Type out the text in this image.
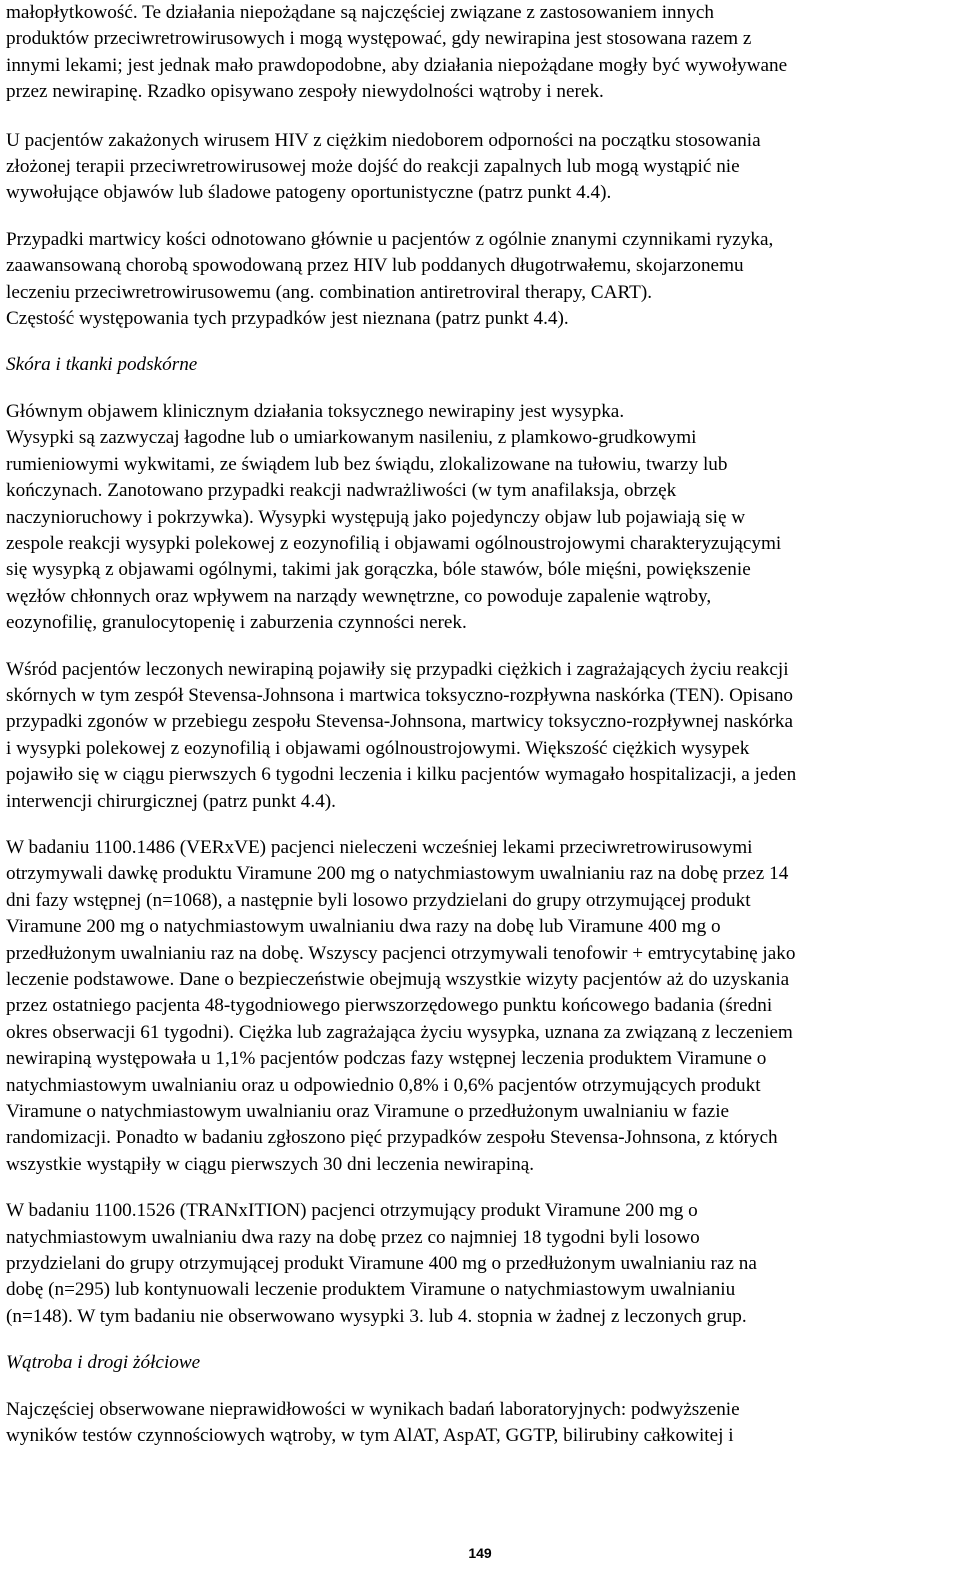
małopłytkowość. Te działania niepożądane są najczęściej związane z zastosowaniem innych
produktów przeciwretrowirusowych i mogą występować, gdy newirapina jest stosowana razem z
innymi lekami; jest jednak mało prawdopodobne, aby działania niepożądane mogły być wywoływane
przez newirapinę. Rzadko opisywano zespoły niewydolności wątroby i nerek.
U pacjentów zakażonych wirusem HIV z ciężkim niedoborem odporności na początku stosowania
złożonej terapii przeciwretrowirusowej może dojść do reakcji zapalnych lub mogą wystąpić nie
wywołujące objawów lub śladowe patogeny oportunistyczne (patrz punkt 4.4).
Przypadki martwicy kości odnotowano głównie u pacjentów z ogólnie znanymi czynnikami ryzyka,
zaawansowaną chorobą spowodowaną przez HIV lub poddanych długotrwałemu, skojarzonemu
leczeniu przeciwretrowirusowemu (ang. combination antiretroviral therapy, CART).
Częstość występowania tych przypadków jest nieznana (patrz punkt 4.4).
Skóra i tkanki podskórne
Głównym objawem klinicznym działania toksycznego newirapiny jest wysypka.
Wysypki są zazwyczaj łagodne lub o umiarkowanym nasileniu, z plamkowo-grudkowymi
rumieniowymi wykwitami, ze świądem lub bez świądu, zlokalizowane na tułowiu, twarzy lub
kończynach. Zanotowano przypadki reakcji nadwrażliwości (w tym anafilaksja, obrzęk
naczynioruchowy i pokrzywka). Wysypki występują jako pojedynczy objaw lub pojawiają się w
zespole reakcji wysypki polekowej z eozynofilią i objawami ogólnoustrojowymi charakteryzującymi
się wysypką z objawami ogólnymi, takimi jak gorączka, bóle stawów, bóle mięśni, powiększenie
węzłów chłonnych oraz wpływem na narządy wewnętrzne, co powoduje zapalenie wątroby,
eozynofilię, granulocytopenię i zaburzenia czynności nerek.
Wśród pacjentów leczonych newirapiną pojawiły się przypadki ciężkich i zagrażających życiu reakcji
skórnych w tym zespół Stevensa-Johnsona i martwica toksyczno-rozpływna naskórka (TEN). Opisano
przypadki zgonów w przebiegu zespołu Stevensa-Johnsona, martwicy toksyczno-rozpływnej naskórka
i wysypki polekowej z eozynofilią i objawami ogólnoustrojowymi. Większość ciężkich wysypek
pojawiło się w ciągu pierwszych 6 tygodni leczenia i kilku pacjentów wymagało hospitalizacji, a jeden
interwencji chirurgicznej (patrz punkt 4.4).
W badaniu 1100.1486 (VERxVE) pacjenci nieleczeni wcześniej lekami przeciwretrowirusowymi
otrzymywali dawkę produktu Viramune 200 mg o natychmiastowym uwalnianiu raz na dobę przez 14
dni fazy wstępnej (n=1068), a następnie byli losowo przydzielani do grupy otrzymującej produkt
Viramune 200 mg o natychmiastowym uwalnianiu dwa razy na dobę lub Viramune 400 mg o
przedłużonym uwalnianiu raz na dobę. Wszyscy pacjenci otrzymywali tenofowir + emtrycytabinę jako
leczenie podstawowe. Dane o bezpieczeństwie obejmują wszystkie wizyty pacjentów aż do uzyskania
przez ostatniego pacjenta 48-tygodniowego pierwszorzędowego punktu końcowego badania (średni
okres obserwacji 61 tygodni). Ciężka lub zagrażająca życiu wysypka, uznana za związaną z leczeniem
newirapiną występowała u 1,1% pacjentów podczas fazy wstępnej leczenia produktem Viramune o
natychmiastowym uwalnianiu oraz u odpowiednio 0,8% i 0,6% pacjentów otrzymujących produkt
Viramune o natychmiastowym uwalnianiu oraz Viramune o przedłużonym uwalnianiu w fazie
randomizacji. Ponadto w badaniu zgłoszono pięć przypadków zespołu Stevensa-Johnsona, z których
wszystkie wystąpiły w ciągu pierwszych 30 dni leczenia newirapiną.
W badaniu 1100.1526 (TRANxITION) pacjenci otrzymujący produkt Viramune 200 mg o
natychmiastowym uwalnianiu dwa razy na dobę przez co najmniej 18 tygodni byli losowo
przydzielani do grupy otrzymującej produkt Viramune 400 mg o przedłużonym uwalnianiu raz na
dobę (n=295) lub kontynuowali leczenie produktem Viramune o natychmiastowym uwalnianiu
(n=148). W tym badaniu nie obserwowano wysypki 3. lub 4. stopnia w żadnej z leczonych grup.
Wątroba i drogi żółciowe
Najczęściej obserwowane nieprawidłowości w wynikach badań laboratoryjnych: podwyższenie
wyników testów czynnościowych wątroby, w tym AlAT, AspAT, GGTP, bilirubiny całkowitej i
149
